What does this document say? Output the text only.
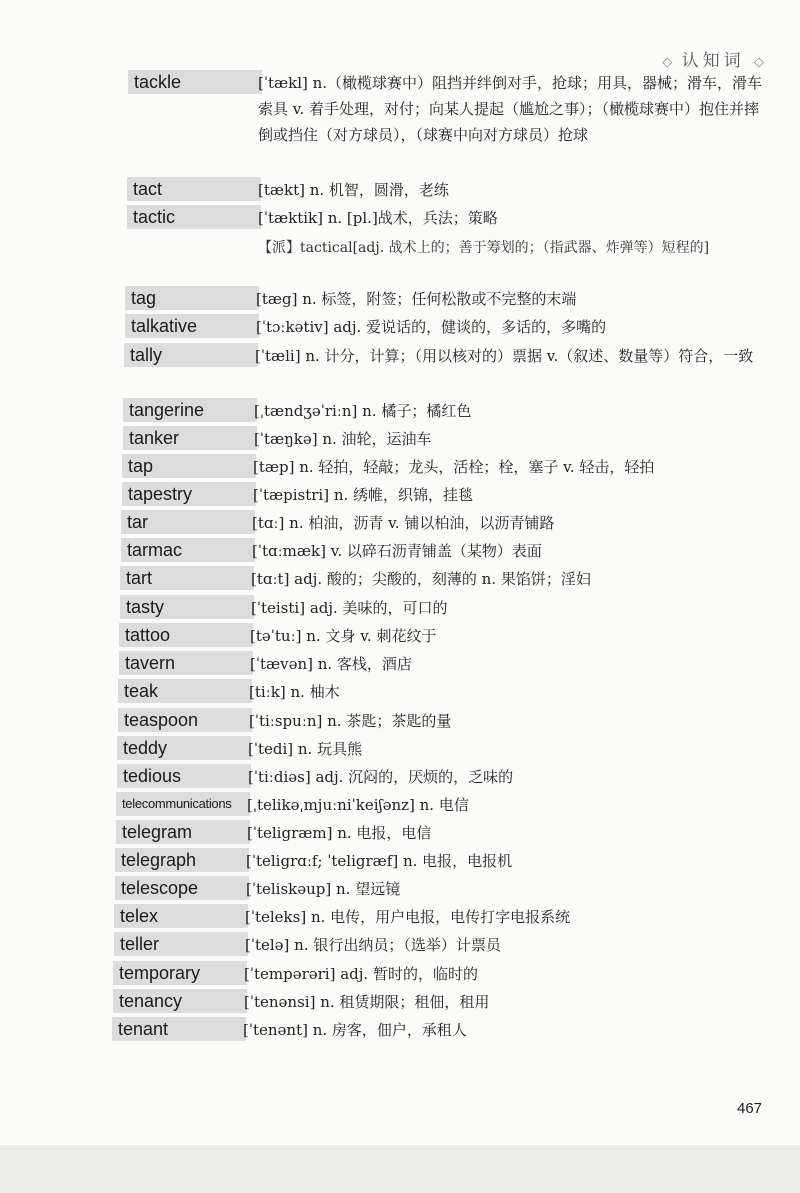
◇ 认知词 ◇
tackle	[ˈtækl] n.（橄榄球赛中）阻挡并绊倒对手，抢球；用具，器械；滑车，滑车索具 v. 着手处理，对付；向某人提起（尴尬之事）；（橄榄球赛中）抱住并摔倒或挡住（对方球员），（球赛中向对方球员）抢球
tact	[tækt] n. 机智，圆滑，老练
tactic	[ˈtæktik] n. [pl.]战术，兵法；策略
【派】tactical[adj. 战术上的；善于筹划的；（指武器、炸弹等）短程的]
tag	[tæg] n. 标签，附签；任何松散或不完整的末端
talkative	[ˈtɔːkətiv] adj. 爱说话的，健谈的，多话的，多嘴的
tally	[ˈtæli] n. 计分，计算；（用以核对的）票据 v.（叙述、数量等）符合，一致
tangerine	[ˌtændʒəˈriːn] n. 橘子；橘红色
tanker	[ˈtæŋkə] n. 油轮，运油车
tap	[tæp] n. 轻拍，轻敲；龙头，活栓；栓，塞子 v. 轻击，轻拍
tapestry	[ˈtæpistri] n. 绣帷，织锦，挂毯
tar	[tɑː] n. 柏油，沥青 v. 铺以柏油，以沥青铺路
tarmac	[ˈtɑːmæk] v. 以碎石沥青铺盖（某物）表面
tart	[tɑːt] adj. 酸的；尖酸的，刻薄的 n. 果馅饼；淫妇
tasty	[ˈteisti] adj. 美味的，可口的
tattoo	[təˈtuː] n. 文身 v. 刺花纹于
tavern	[ˈtævən] n. 客栈，酒店
teak	[tiːk] n. 柚木
teaspoon	[ˈtiːspuːn] n. 茶匙；茶匙的量
teddy	[ˈtedi] n. 玩具熊
tedious	[ˈtiːdiəs] adj. 沉闷的，厌烦的，乏味的
telecommunications	[ˌtelikəˌmjuːniˈkeiʃənz] n. 电信
telegram	[ˈteligræm] n. 电报，电信
telegraph	[ˈteligrɑːf; ˈteligræf] n. 电报，电报机
telescope	[ˈteliskəup] n. 望远镜
telex	[ˈteleks] n. 电传，用户电报，电传打字电报系统
teller	[ˈtelə] n. 银行出纳员；（选举）计票员
temporary	[ˈtempərəri] adj. 暂时的，临时的
tenancy	[ˈtenənsi] n. 租赁期限；租佃，租用
tenant	[ˈtenənt] n. 房客，佃户，承租人
467
